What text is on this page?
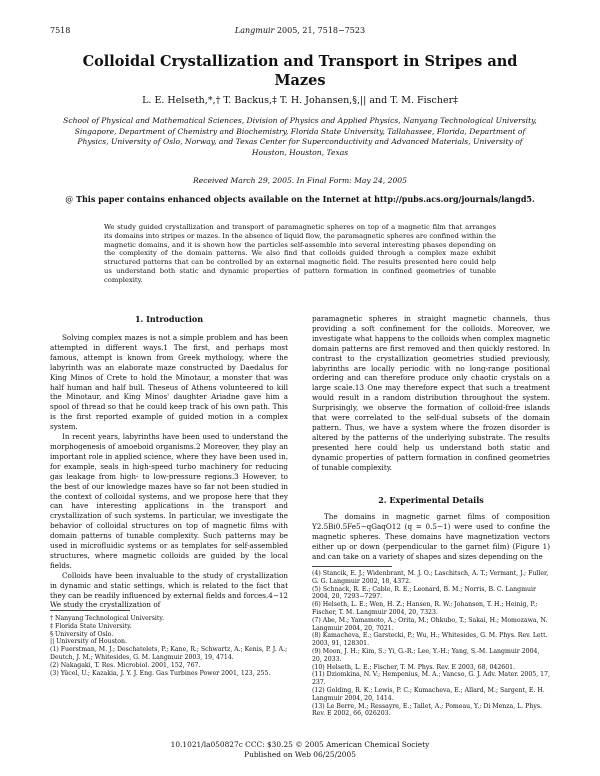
7518	Langmuir 2005, 21, 7518−7523
Colloidal Crystallization and Transport in Stripes and Mazes
L. E. Helseth,*,† T. Backus,‡ T. H. Johansen,§,|| and T. M. Fischer‡
School of Physical and Mathematical Sciences, Division of Physics and Applied Physics, Nanyang Technological University, Singapore, Department of Chemistry and Biochemistry, Florida State University, Tallahassee, Florida, Department of Physics, University of Oslo, Norway, and Texas Center for Superconductivity and Advanced Materials, University of Houston, Houston, Texas
Received March 29, 2005. In Final Form: May 24, 2005
@ This paper contains enhanced objects available on the Internet at http://pubs.acs.org/journals/langd5.
We study guided crystallization and transport of paramagnetic spheres on top of a magnetic film that arranges its domains into stripes or mazes. In the absence of liquid flow, the paramagnetic spheres are confined within the magnetic domains, and it is shown how the particles self-assemble into several interesting phases depending on the complexity of the domain patterns. We also find that colloids guided through a complex maze exhibit structured patterns that can be controlled by an external magnetic field. The results presented here could help us understand both static and dynamic properties of pattern formation in confined geometries of tunable complexity.
1. Introduction

Solving complex mazes is not a simple problem and has been attempted in different ways.1 The first, and perhaps most famous, attempt is known from Greek mythology, where the labyrinth was an elaborate maze constructed by Daedalus for King Minos of Crete to hold the Minotaur, a monster that was half human and half bull. Theseus of Athens volunteered to kill the Minotaur, and King Minos' daughter Ariadne gave him a spool of thread so that he could keep track of his own path. This is the first reported example of guided motion in a complex system.

In recent years, labyrinths have been used to understand the morphogenesis of amoeboid organisms.2 Moreover, they play an important role in applied science, where they have been used in, for example, seals in high-speed turbo machinery for reducing gas leakage from high- to low-pressure regions.3 However, to the best of our knowledge mazes have so far not been studied in the context of colloidal systems, and we propose here that they can have interesting applications in the transport and crystallization of such systems. In particular, we investigate the behavior of colloidal structures on top of magnetic films with domain patterns of tunable complexity. Such patterns may be used in microfluidic systems or as templates for self-assembled structures, where magnetic colloids are guided by the local fields.

Colloids have been invaluable to the study of crystallization in dynamic and static settings, which is related to the fact that they can be readily influenced by external fields and forces.4−12 We study the crystallization of

† Nanyang Technological University.
‡ Florida State University.
§ University of Oslo.
|| University of Houston.
(1) Fuerstman, M. J.; Deschatelets, P.; Kane, R.; Schwartz, A.; Kenis, P. J. A.; Deutch, J. M.; Whitesides, G. M. Langmuir 2003, 19, 4714.
(2) Nakagaki, T. Res. Microbiol. 2001, 152, 767.
(3) Yücel, U.; Kazakia, J. Y. J. Eng. Gas Turbines Power 2001, 123, 255.
paramagnetic spheres in straight magnetic channels, thus providing a soft confinement for the colloids. Moreover, we investigate what happens to the colloids when complex magnetic domain patterns are first removed and then quickly restored. In contrast to the crystallization geometries studied previously, labyrinths are locally periodic with no long-range positional ordering and can therefore produce only chaotic crystals on a large scale.13 One may therefore expect that such a treatment would result in a random distribution throughout the system. Surprisingly, we observe the formation of colloid-free islands that were correlated to the self-dual subsets of the domain pattern. Thus, we have a system where the frozen disorder is altered by the patterns of the underlying substrate. The results presented here could help us understand both static and dynamic properties of pattern formation in confined geometries of tunable complexity.
2. Experimental Details

The domains in magnetic garnet films of composition Y2.5Bi0.5Fe5−qGaqO12 (q = 0.5−1) were used to confine the magnetic spheres. These domains have magnetization vectors either up or down (perpendicular to the garnet film) (Figure 1) and can take on a variety of shapes and sizes depending on the

(4) Stancik, E. J.; Widenbrant, M. J. O.; Laschitsch, A. T.; Vermant, J.; Fuller, G. G. Langmuir 2002, 18, 4372.
(5) Schnack, R. E.; Cable, R. E.; Leonard, B. M.; Norris, B. C. Langmuir 2004, 20, 7293−7297.
(6) Helseth, L. E.; Wen, H. Z.; Hansen, R. W.; Johansen, T. H.; Heinig, P.; Fischer, T. M. Langmuir 2004, 20, 7323.
(7) Abe, M.; Yamamoto, A.; Orita, M.; Ohkubo, T.; Sakai, H.; Momozawa, N. Langmuir 2004, 20, 7021.
(8) Kamacheva, E.; Garstecki, P.; Wu, H.; Whitesides, G. M. Phys. Rev. Lett. 2003, 91, 128301.
(9) Moon, J. H.; Kim, S.; Yi, G.-R.; Lee, Y.-H.; Yang, S.-M. Langmuir 2004, 20, 2033.
(10) Helseth, L. E.; Fischer, T. M. Phys. Rev. E 2003, 68, 042601.
(11) Dziomkina, N. V.; Hempenius, M. A.; Vancso, G. J. Adv. Mater. 2005, 17, 237.
(12) Golding, R. K.; Lewis, P. C.; Kumacheva, E.; Allard, M.; Sargent, E. H. Langmuir 2004, 20, 1414.
(13) Le Berre, M.; Ressayre, E.; Tallet, A.; Pomeau, Y.; Di Menza, L. Phys. Rev. E 2002, 66, 026203.
10.1021/la050827c CCC: $30.25 © 2005 American Chemical Society
Published on Web 06/25/2005
